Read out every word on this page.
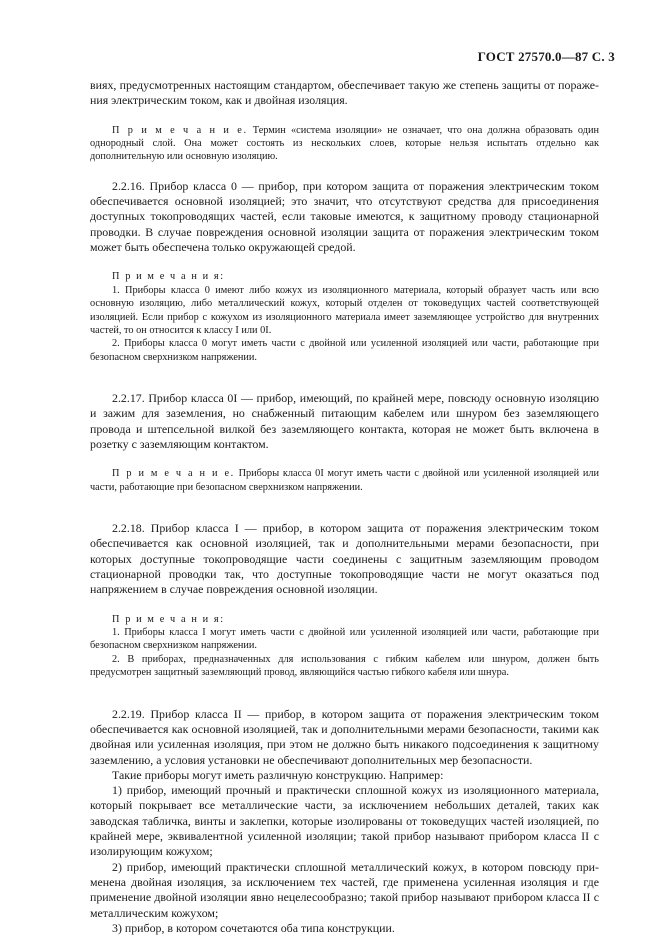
ГОСТ 27570.0—87 С. 3

виях, предусмотренных настоящим стандартом, обеспечивает такую же степень защиты от поражения электрическим током, как и двойная изоляция.

П р и м е ч а н и е. Термин «система изоляции» не означает, что она должна образовать один однородный слой. Она может состоять из нескольких слоев, которые нельзя испытать отдельно как дополнительную или основную изоляцию.

2.2.16. Прибор класса 0 — прибор, при котором защита от поражения электрическим током обеспечивается основной изоляцией; это значит, что отсутствуют средства для присоединения доступных токопроводящих частей, если таковые имеются, к защитному проводу стационарной проводки. В случае повреждения основной изоляции защита от поражения электрическим током может быть обеспечена только окружающей средой.

П р и м е ч а н и я:

1. Приборы класса 0 имеют либо кожух из изоляционного материала, который образует часть или всю основную изоляцию, либо металлический кожух, который отделен от токоведущих частей соответствующей изоляцией. Если прибор с кожухом из изоляционного материала имеет заземляющее устройство для внутренних частей, то он относится к классу I или 0I.

2. Приборы класса 0 могут иметь части с двойной или усиленной изоляцией или части, работающие при безопасном сверхнизком напряжении.

2.2.17. Прибор класса 0I — прибор, имеющий, по крайней мере, повсюду основную изоляцию и зажим для заземления, но снабженный питающим кабелем или шнуром без заземляющего провода и штепсельной вилкой без заземляющего контакта, которая не может быть включена в розетку с заземляющим контактом.

П р и м е ч а н и е. Приборы класса 0I могут иметь части с двойной или усиленной изоляцией или части, работающие при безопасном сверхнизком напряжении.

2.2.18. Прибор класса I — прибор, в котором защита от поражения электрическим током обеспечивается как основной изоляцией, так и дополнительными мерами безопасности, при которых доступные токопроводящие части соединены с защитным заземляющим проводом стационарной проводки так, что доступные токопроводящие части не могут оказаться под напряжением в случае повреждения основной изоляции.

П р и м е ч а н и я:

1. Приборы класса I могут иметь части с двойной или усиленной изоляцией или части, работающие при безопасном сверхнизком напряжении.

2. В приборах, предназначенных для использования с гибким кабелем или шнуром, должен быть предусмотрен защитный заземляющий провод, являющийся частью гибкого кабеля или шнура.

2.2.19. Прибор класса II — прибор, в котором защита от поражения электрическим током обеспечивается как основной изоляцией, так и дополнительными мерами безопасности, такими как двойная или усиленная изоляция, при этом не должно быть никакого подсоединения к защитному заземлению, а условия установки не обеспечивают дополнительных мер безопасности.

Такие приборы могут иметь различную конструкцию. Например:

1) прибор, имеющий прочный и практически сплошной кожух из изоляционного материала, который покрывает все металлические части, за исключением небольших деталей, таких как заводская табличка, винты и заклепки, которые изолированы от токоведущих частей изоляцией, по крайней мере, эквивалентной усиленной изоляции; такой прибор называют прибором класса II с изолирующим кожухом;

2) прибор, имеющий практически сплошной металлический кожух, в котором повсюду применена двойная изоляция, за исключением тех частей, где применена усиленная изоляция и где применение двойной изоляции явно нецелесообразно; такой прибор называют прибором класса II с металлическим кожухом;

3) прибор, в котором сочетаются оба типа конструкции.
